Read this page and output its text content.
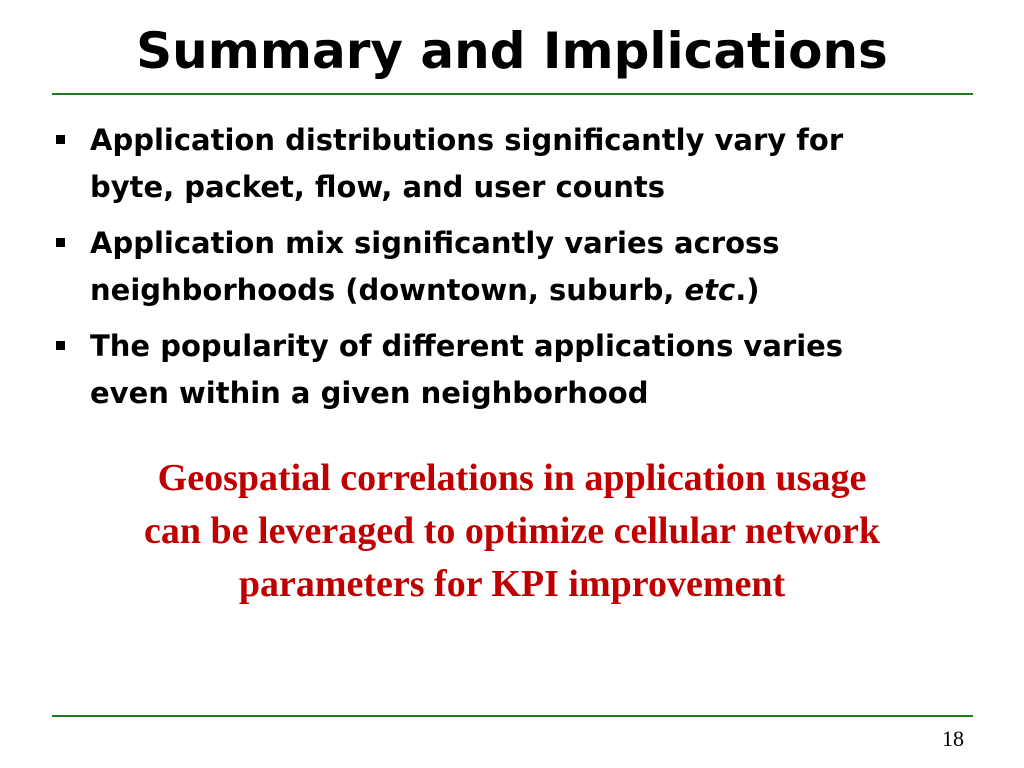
Summary and Implications
Application distributions significantly vary for
byte, packet, flow, and user counts
Application mix significantly varies across
neighborhoods (downtown, suburb, etc.)
The popularity of different applications varies
even within a given neighborhood

Geospatial correlations in application usage
can be leveraged to optimize cellular network
parameters for KPI improvement

18
